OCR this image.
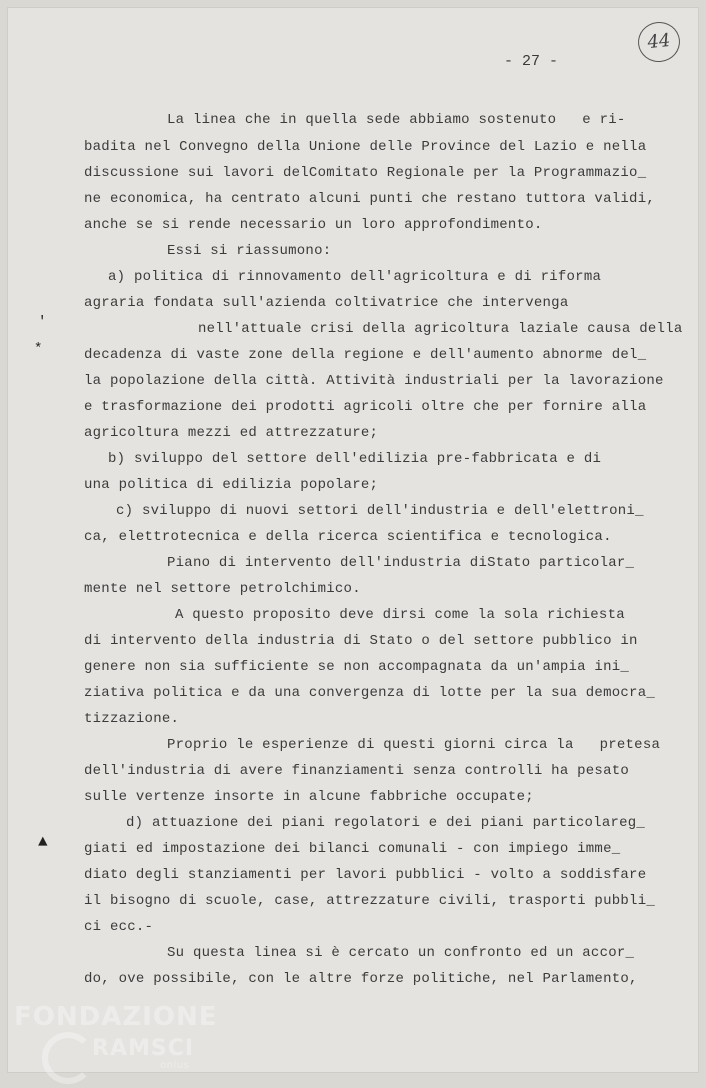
- 27 -
44
'
*
▲
La linea che in quella sede abbiamo sostenuto   e ri-
badita nel Convegno della Unione delle Province del Lazio e nella
discussione sui lavori delComitato Regionale per la Programmazio_
ne economica, ha centrato alcuni punti che restano tuttora validi,
anche se si rende necessario un loro approfondimento.
Essi si riassumono:
a) politica di rinnovamento dell'agricoltura e di riforma
agraria fondata sull'azienda coltivatrice che intervenga
nell'attuale crisi della agricoltura laziale causa della
decadenza di vaste zone della regione e dell'aumento abnorme del_
la popolazione della città. Attività industriali per la lavorazione
e trasformazione dei prodotti agricoli oltre che per fornire alla
agricoltura mezzi ed attrezzature;
b) sviluppo del settore dell'edilizia pre-fabbricata e di
una politica di edilizia popolare;
c) sviluppo di nuovi settori dell'industria e dell'elettroni_
ca, elettrotecnica e della ricerca scientifica e tecnologica.
Piano di intervento dell'industria diStato particolar_
mente nel settore petrolchimico.
A questo proposito deve dirsi come la sola richiesta
di intervento della industria di Stato o del settore pubblico in
genere non sia sufficiente se non accompagnata da un'ampia ini_
ziativa politica e da una convergenza di lotte per la sua democra_
tizzazione.
Proprio le esperienze di questi giorni circa la   pretesa
dell'industria di avere finanziamenti senza controlli ha pesato
sulle vertenze insorte in alcune fabbriche occupate;
d) attuazione dei piani regolatori e dei piani particolareg_
giati ed impostazione dei bilanci comunali - con impiego imme_
diato degli stanziamenti per lavori pubblici - volto a soddisfare
il bisogno di scuole, case, attrezzature civili, trasporti pubbli_
ci ecc.-
Su questa linea si è cercato un confronto ed un accor_
do, ove possibile, con le altre forze politiche, nel Parlamento,
FONDAZIONE
RAMSCI
onlus
